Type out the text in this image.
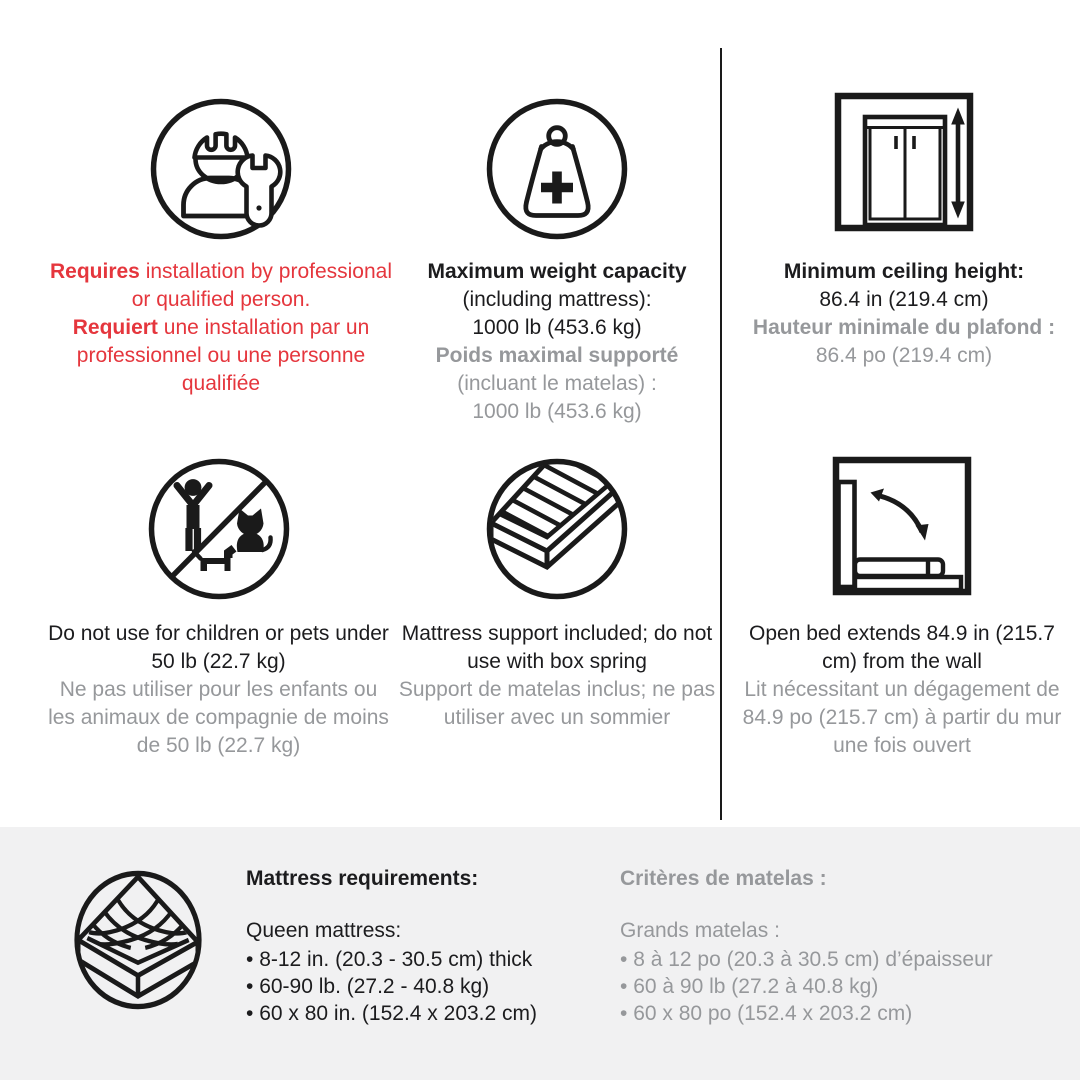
Requires installation by professional or qualified person.
Requiert une installation par un professionnel ou une personne qualifiée
Maximum weight capacity
(including mattress):
1000 lb (453.6 kg)
Poids maximal supporté
(incluant le matelas) :
1000 lb (453.6 kg)
Minimum ceiling height:
86.4 in (219.4 cm)
Hauteur minimale du plafond :
86.4 po (219.4 cm)
Do not use for children or pets under 50 lb (22.7 kg)
Ne pas utiliser pour les enfants ou les animaux de compagnie de moins de 50 lb (22.7 kg)
Mattress support included; do not use with box spring
Support de matelas inclus; ne pas utiliser avec un sommier
Open bed extends 84.9 in (215.7 cm) from the wall
Lit nécessitant un dégagement de 84.9 po (215.7 cm) à partir du mur une fois ouvert
Mattress requirements:
Queen mattress:
• 8-12 in. (20.3 - 30.5 cm) thick
• 60-90 lb. (27.2 - 40.8 kg)
• 60 x 80 in. (152.4 x 203.2 cm)
Critères de matelas :
Grands matelas :
• 8 à 12 po (20.3 à 30.5 cm) d’épaisseur
• 60 à 90 lb (27.2 à 40.8 kg)
• 60 x 80 po (152.4 x 203.2 cm)
